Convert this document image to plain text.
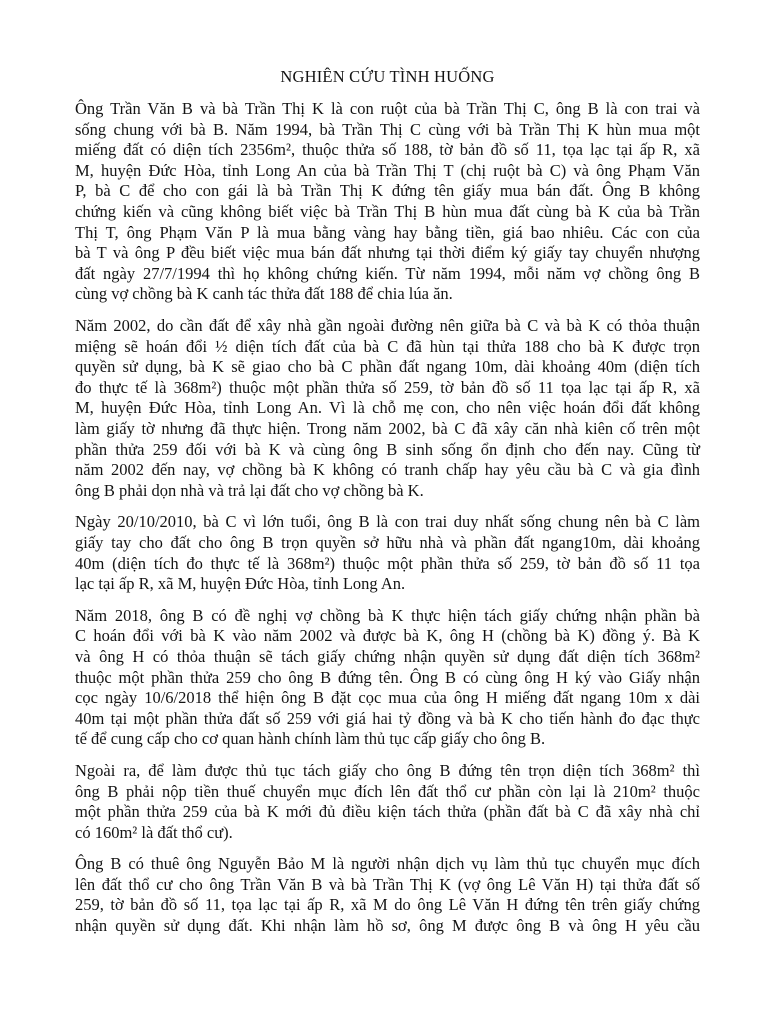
NGHIÊN CỨU TÌNH HUỐNG
Ông Trần Văn B và bà Trần Thị K là con ruột của bà Trần Thị C, ông B là con trai và
sống chung với bà B. Năm 1994, bà Trần Thị C cùng với bà Trần Thị K hùn mua một
miếng đất có diện tích 2356m², thuộc thửa số 188, tờ bản đồ số 11, tọa lạc tại ấp R, xã
M, huyện Đức Hòa, tỉnh Long An của bà Trần Thị T (chị ruột bà C) và ông Phạm Văn
P, bà C để cho con gái là bà Trần Thị K đứng tên giấy mua bán đất. Ông B không
chứng kiến và cũng không biết việc bà Trần Thị B hùn mua đất cùng bà K của bà Trần
Thị T, ông Phạm Văn P là mua bằng vàng hay bằng tiền, giá bao nhiêu. Các con của
bà T và ông P đều biết việc mua bán đất nhưng tại thời điểm ký giấy tay chuyển nhượng
đất ngày 27/7/1994 thì họ không chứng kiến. Từ năm 1994, mỗi năm vợ chồng ông B
cùng vợ chồng bà K canh tác thửa đất 188 để chia lúa ăn.
Năm 2002, do cần đất để xây nhà gần ngoài đường nên giữa bà C và bà K có thỏa thuận
miệng sẽ hoán đổi ½ diện tích đất của bà C đã hùn tại thửa 188 cho bà K được trọn
quyền sử dụng, bà K sẽ giao cho bà C phần đất ngang 10m, dài khoảng 40m (diện tích
đo thực tế là 368m²) thuộc một phần thửa số 259, tờ bản đồ số 11 tọa lạc tại ấp R, xã
M, huyện Đức Hòa, tỉnh Long An. Vì là chỗ mẹ con, cho nên việc hoán đổi đất không
làm giấy tờ nhưng đã thực hiện. Trong năm 2002, bà C đã xây căn nhà kiên cố trên một
phần thửa 259 đối với bà K và cùng ông B sinh sống ổn định cho đến nay. Cũng từ
năm 2002 đến nay, vợ chồng bà K không có tranh chấp hay yêu cầu bà C và gia đình
ông B phải dọn nhà và trả lại đất cho vợ chồng bà K.
Ngày 20/10/2010, bà C vì lớn tuổi, ông B là con trai duy nhất sống chung nên bà C làm
giấy tay cho đất cho ông B trọn quyền sở hữu nhà và phần đất ngang10m, dài khoảng
40m (diện tích đo thực tế là 368m²) thuộc một phần thửa số 259, tờ bản đồ số 11 tọa
lạc tại ấp R, xã M, huyện Đức Hòa, tỉnh Long An.
Năm 2018, ông B có đề nghị vợ chồng bà K thực hiện tách giấy chứng nhận phần bà
C hoán đổi với bà K vào năm 2002 và được bà K, ông H (chồng bà K) đồng ý. Bà K
và ông H có thỏa thuận sẽ tách giấy chứng nhận quyền sử dụng đất diện tích 368m²
thuộc một phần thửa 259 cho ông B đứng tên. Ông B có cùng ông H ký vào Giấy nhận
cọc ngày 10/6/2018 thể hiện ông B đặt cọc mua của ông H miếng đất ngang 10m x dài
40m tại một phần thửa đất số 259 với giá hai tỷ đồng và bà K cho tiến hành đo đạc thực
tế để cung cấp cho cơ quan hành chính làm thủ tục cấp giấy cho ông B.
Ngoài ra, để làm được thủ tục tách giấy cho ông B đứng tên trọn diện tích 368m² thì
ông B phải nộp tiền thuế chuyển mục đích lên đất thổ cư phần còn lại là 210m² thuộc
một phần thửa 259 của bà K mới đủ điều kiện tách thửa (phần đất bà C đã xây nhà chỉ
có 160m² là đất thổ cư).
Ông B có thuê ông Nguyễn Bảo M là người nhận dịch vụ làm thủ tục chuyển mục đích
lên đất thổ cư cho ông Trần Văn B và bà Trần Thị K (vợ ông Lê Văn H) tại thửa đất số
259, tờ bản đồ số 11, tọa lạc tại ấp R, xã M do ông Lê Văn H đứng tên trên giấy chứng
nhận quyền sử dụng đất. Khi nhận làm hồ sơ, ông M được ông B và ông H yêu cầu
